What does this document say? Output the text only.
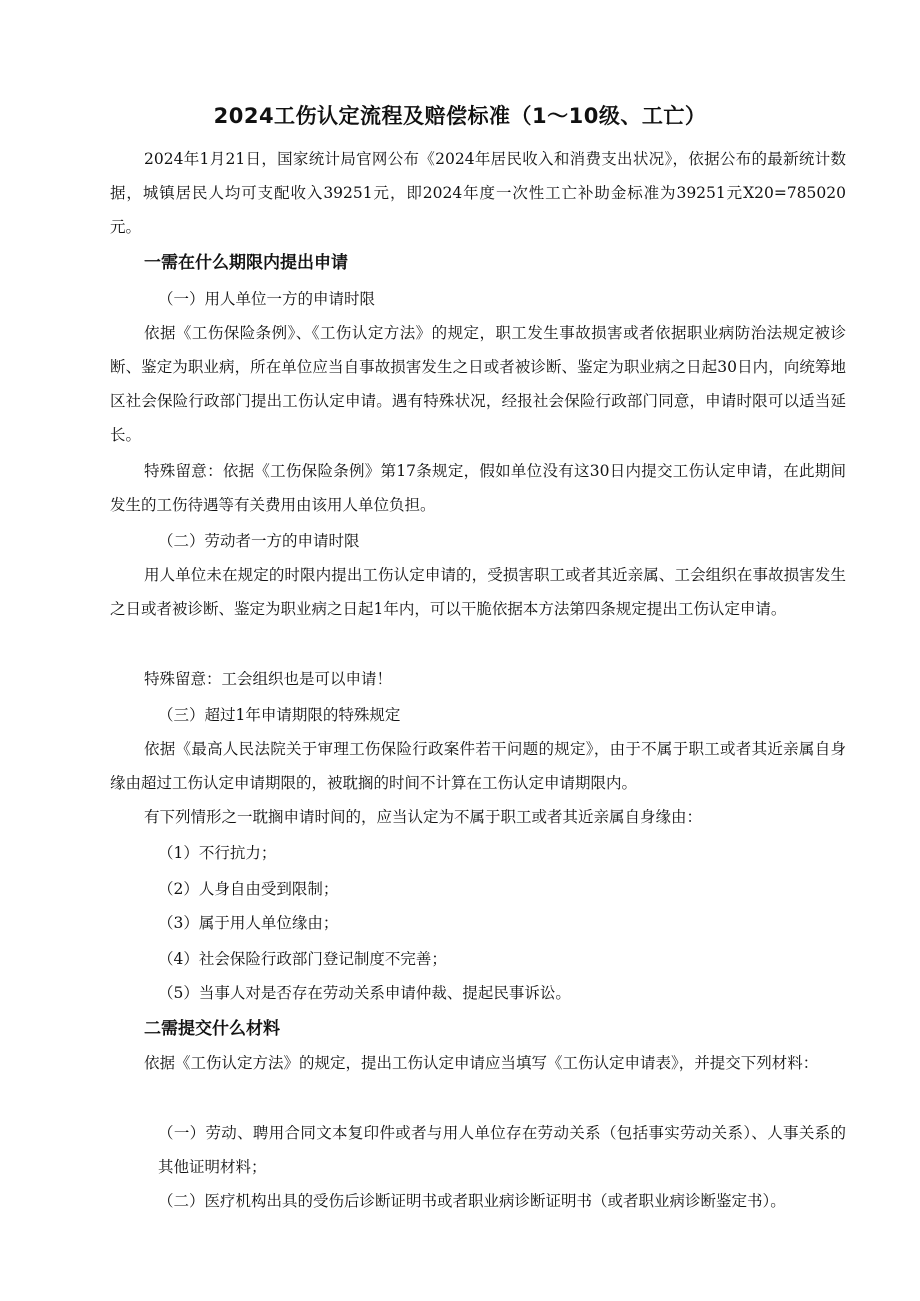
2024工伤认定流程及赔偿标准（1〜10级、工亡）

2024年1月21日，国家统计局官网公布《2024年居民收入和消费支出状况》，依据公布的最新统计数据，城镇居民人均可支配收入39251元，即2024年度一次性工亡补助金标准为39251元X20=785020元。

一需在什么期限内提出申请

（一）用人单位一方的申请时限

依据《工伤保险条例》、《工伤认定方法》的规定，职工发生事故损害或者依据职业病防治法规定被诊断、鉴定为职业病，所在单位应当自事故损害发生之日或者被诊断、鉴定为职业病之日起30日内，向统筹地区社会保险行政部门提出工伤认定申请。遇有特殊状况，经报社会保险行政部门同意，申请时限可以适当延长。

特殊留意：依据《工伤保险条例》第17条规定，假如单位没有这30日内提交工伤认定申请，在此期间发生的工伤待遇等有关费用由该用人单位负担。

（二）劳动者一方的申请时限

用人单位未在规定的时限内提出工伤认定申请的，受损害职工或者其近亲属、工会组织在事故损害发生之日或者被诊断、鉴定为职业病之日起1年内，可以干脆依据本方法第四条规定提出工伤认定申请。

特殊留意：工会组织也是可以申请！

（三）超过1年申请期限的特殊规定

依据《最高人民法院关于审理工伤保险行政案件若干问题的规定》，由于不属于职工或者其近亲属自身缘由超过工伤认定申请期限的，被耽搁的时间不计算在工伤认定申请期限内。

有下列情形之一耽搁申请时间的，应当认定为不属于职工或者其近亲属自身缘由：

（1）不行抗力；

（2）人身自由受到限制；

（3）属于用人单位缘由；

（4）社会保险行政部门登记制度不完善；

（5）当事人对是否存在劳动关系申请仲裁、提起民事诉讼。

二需提交什么材料

依据《工伤认定方法》的规定，提出工伤认定申请应当填写《工伤认定申请表》，并提交下列材料：

（一）劳动、聘用合同文本复印件或者与用人单位存在劳动关系（包括事实劳动关系）、人事关系的其他证明材料；

（二）医疗机构出具的受伤后诊断证明书或者职业病诊断证明书（或者职业病诊断鉴定书）。
